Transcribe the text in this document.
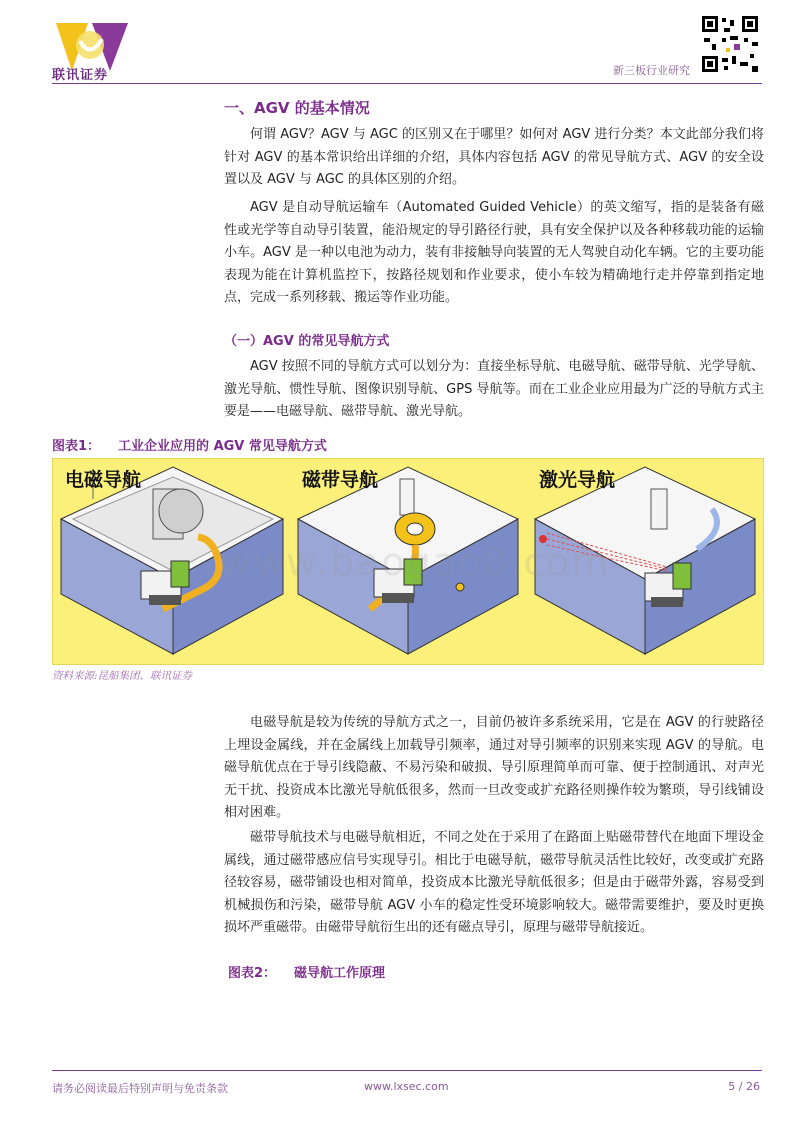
联讯证券	新三板行业研究
一、AGV 的基本情况

何谓 AGV？AGV 与 AGC 的区别又在于哪里？如何对 AGV 进行分类？本文此部分我们将针对 AGV 的基本常识给出详细的介绍，具体内容包括 AGV 的常见导航方式、AGV 的安全设置以及 AGV 与 AGC 的具体区别的介绍。

AGV 是自动导航运输车（Automated Guided Vehicle）的英文缩写，指的是装备有磁性或光学等自动导引装置，能沿规定的导引路径行驶，具有安全保护以及各种移载功能的运输小车。AGV 是一种以电池为动力，装有非接触导向装置的无人驾驶自动化车辆。它的主要功能表现为能在计算机监控下，按路径规划和作业要求，使小车较为精确地行走并停靠到指定地点，完成一系列移载、搬运等作业功能。

（一）AGV 的常见导航方式

AGV 按照不同的导航方式可以划分为：直接坐标导航、电磁导航、磁带导航、光学导航、激光导航、惯性导航、图像识别导航、GPS 导航等。而在工业企业应用最为广泛的导航方式主要是——电磁导航、磁带导航、激光导航。

图表1： 工业企业应用的 AGV 常见导航方式
电磁导航	磁带导航	激光导航
www.baogao8.com
资料来源:昆船集团、联讯证券

电磁导航是较为传统的导航方式之一，目前仍被许多系统采用，它是在 AGV 的行驶路径上埋设金属线，并在金属线上加载导引频率，通过对导引频率的识别来实现 AGV 的导航。电磁导航优点在于导引线隐蔽、不易污染和破损、导引原理简单而可靠、便于控制通讯、对声光无干扰、投资成本比激光导航低很多，然而一旦改变或扩充路径则操作较为繁琐，导引线铺设相对困难。

磁带导航技术与电磁导航相近，不同之处在于采用了在路面上贴磁带替代在地面下埋设金属线，通过磁带感应信号实现导引。相比于电磁导航，磁带导航灵活性比较好，改变或扩充路径较容易，磁带铺设也相对简单，投资成本比激光导航低很多；但是由于磁带外露，容易受到机械损伤和污染，磁带导航 AGV 小车的稳定性受环境影响较大。磁带需要维护，要及时更换损坏严重磁带。由磁带导航衍生出的还有磁点导引，原理与磁带导航接近。

图表2： 磁导航工作原理
请务必阅读最后特别声明与免责条款	www.lxsec.com	5 / 26
